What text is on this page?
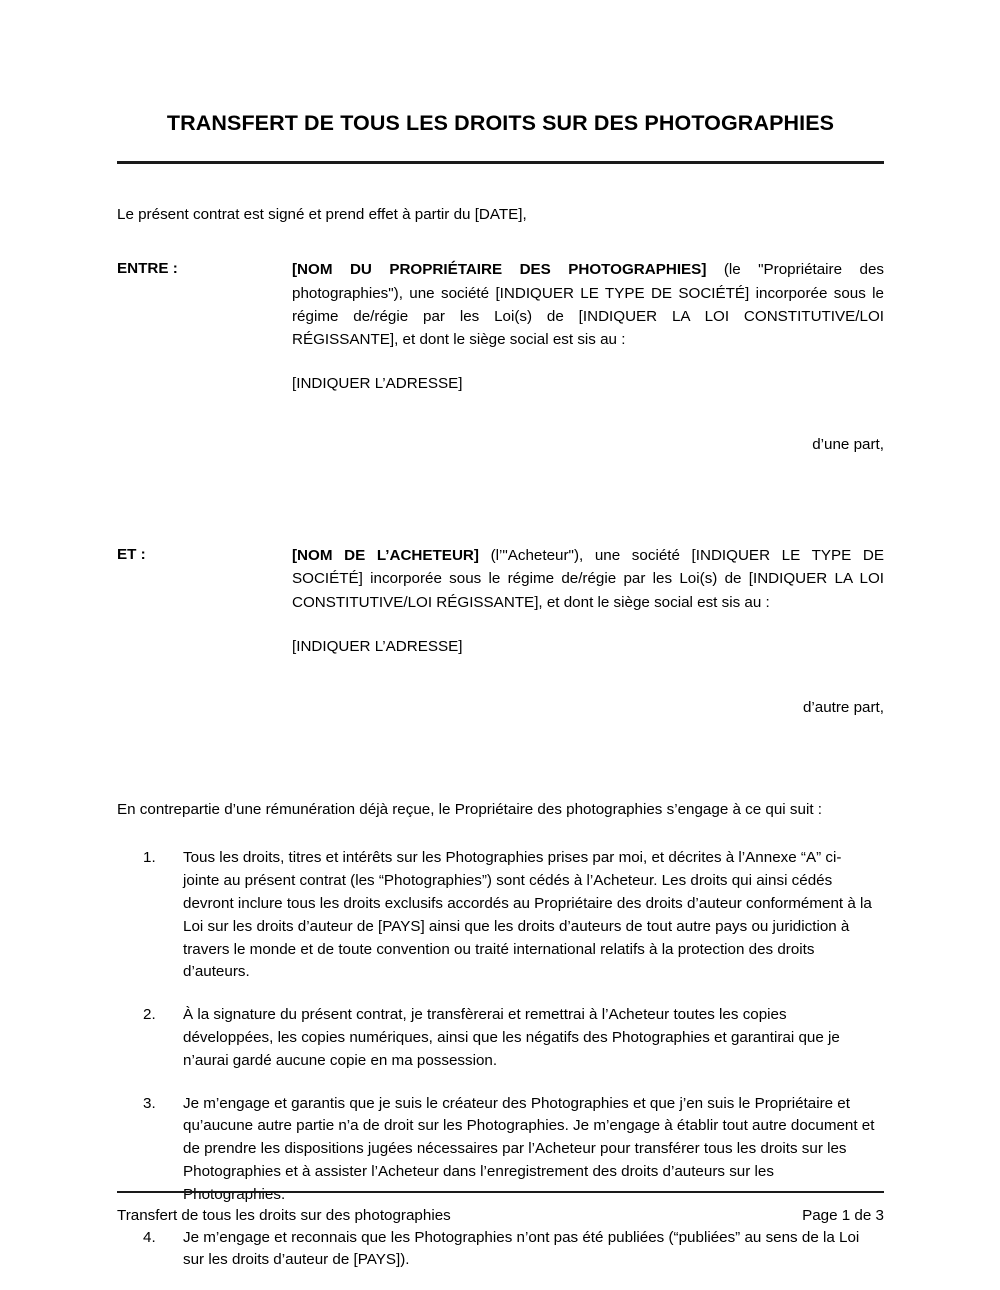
TRANSFERT DE TOUS LES DROITS SUR DES PHOTOGRAPHIES

Le présent contrat est signé et prend effet à partir du [DATE],

ENTRE :	[NOM DU PROPRIÉTAIRE DES PHOTOGRAPHIES] (le "Propriétaire des photographies"), une société [INDIQUER LE TYPE DE SOCIÉTÉ] incorporée sous le régime de/régie par les Loi(s) de [INDIQUER LA LOI CONSTITUTIVE/LOI RÉGISSANTE], et dont le siège social est sis au :

[INDIQUER L’ADRESSE]

d’une part,

ET :	[NOM DE L’ACHETEUR] (l’"Acheteur"), une société [INDIQUER LE TYPE DE SOCIÉTÉ] incorporée sous le régime de/régie par les Loi(s) de [INDIQUER LA LOI CONSTITUTIVE/LOI RÉGISSANTE], et dont le siège social est sis au :

[INDIQUER L’ADRESSE]

d’autre part,

En contrepartie d’une rémunération déjà reçue, le Propriétaire des photographies s’engage à ce qui suit :

1.	Tous les droits, titres et intérêts sur les Photographies prises par moi, et décrites à l’Annexe “A” ci-jointe au présent contrat (les “Photographies”) sont cédés à l’Acheteur. Les droits qui ainsi cédés devront inclure tous les droits exclusifs accordés au Propriétaire des droits d’auteur conformément à la Loi sur les droits d’auteur de [PAYS] ainsi que les droits d’auteurs de tout autre pays ou juridiction à travers le monde et de toute convention ou traité international relatifs à la protection des droits d’auteurs.
2.	À la signature du présent contrat, je transfèrerai et remettrai à l’Acheteur toutes les copies développées, les copies numériques, ainsi que les négatifs des Photographies et garantirai que je n’aurai gardé aucune copie en ma possession.
3.	Je m’engage et garantis que je suis le créateur des Photographies et que j’en suis le Propriétaire et qu’aucune autre partie n’a de droit sur les Photographies. Je m’engage à établir tout autre document et de prendre les dispositions jugées nécessaires par l’Acheteur pour transférer tous les droits sur les Photographies et à assister l’Acheteur dans l’enregistrement des droits d’auteurs sur les Photographies.
4.	Je m’engage et reconnais que les Photographies n’ont pas été publiées (“publiées” au sens de la Loi sur les droits d’auteur de [PAYS]).
Transfert de tous les droits sur des photographies	Page 1 de 3
